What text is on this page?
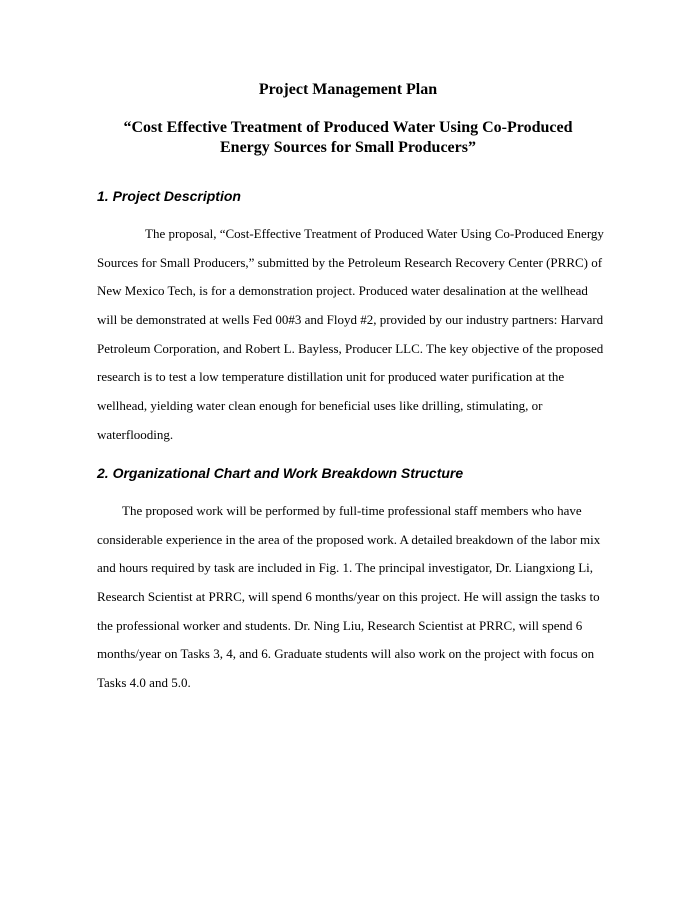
Project Management Plan
“Cost Effective Treatment of Produced Water Using Co-Produced
Energy Sources for Small Producers”
1. Project Description
The proposal, “Cost-Effective Treatment of Produced Water Using Co-Produced Energy
Sources for Small Producers,” submitted by the Petroleum Research Recovery Center (PRRC) of
New Mexico Tech, is for a demonstration project. Produced water desalination at the wellhead
will be demonstrated at wells Fed 00#3 and Floyd #2, provided by our industry partners: Harvard
Petroleum Corporation, and Robert L. Bayless, Producer LLC. The key objective of the proposed
research is to test a low temperature distillation unit for produced water purification at the
wellhead, yielding water clean enough for beneficial uses like drilling, stimulating, or
waterflooding.
2. Organizational Chart and Work Breakdown Structure
The proposed work will be performed by full-time professional staff members who have
considerable experience in the area of the proposed work. A detailed breakdown of the labor mix
and hours required by task are included in Fig. 1. The principal investigator, Dr. Liangxiong Li,
Research Scientist at PRRC, will spend 6 months/year on this project. He will assign the tasks to
the professional worker and students. Dr. Ning Liu, Research Scientist at PRRC, will spend 6
months/year on Tasks 3, 4, and 6. Graduate students will also work on the project with focus on
Tasks 4.0 and 5.0.
